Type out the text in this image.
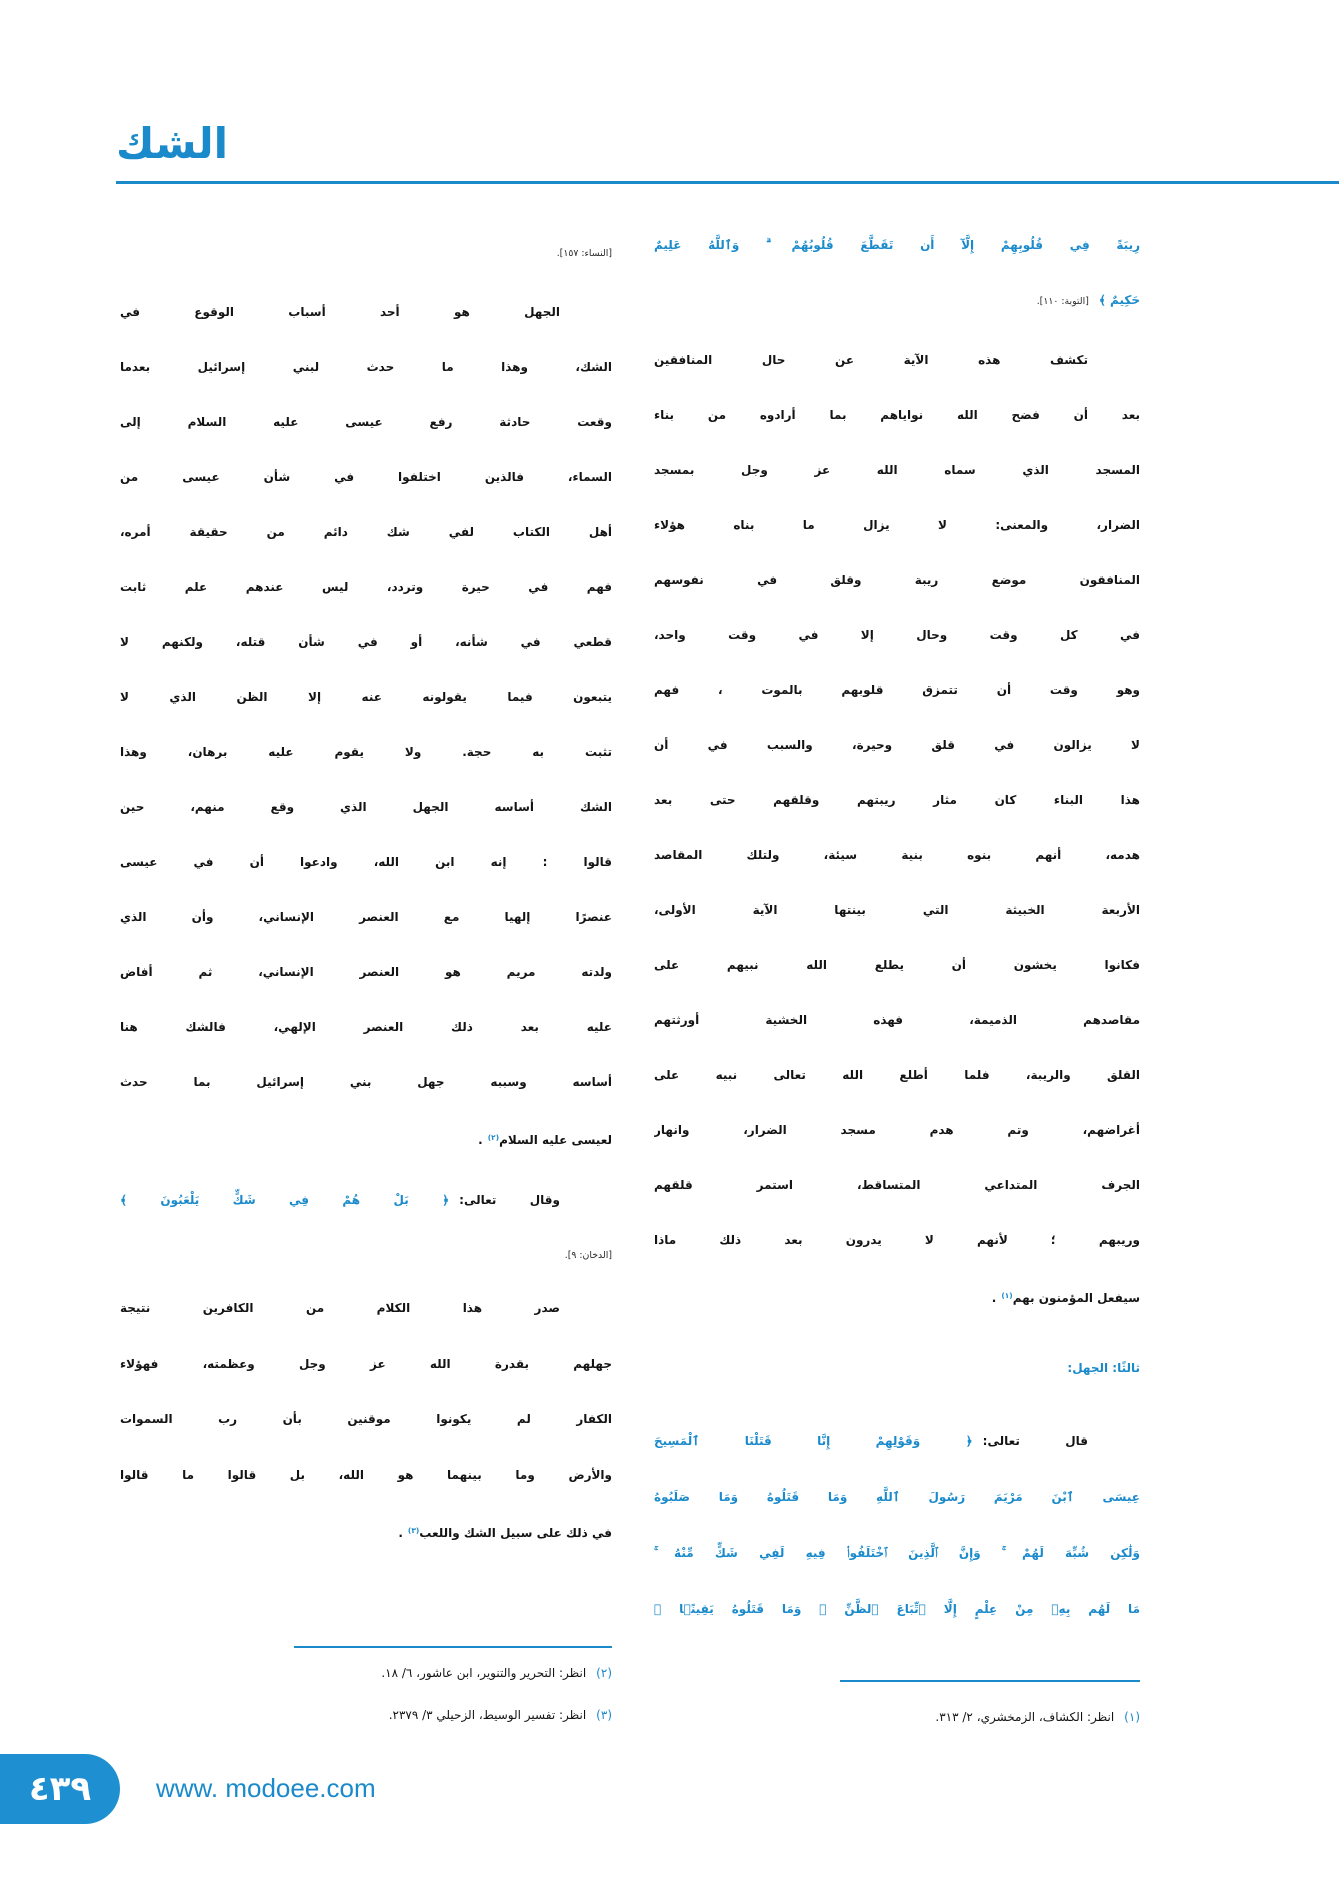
الشك
رِيبَةً فِي قُلُوبِهِمْ إِلَّآ أَن تَقَطَّعَ قُلُوبُهُمْ ۗ وَٱللَّهُ عَلِيمٌ
حَكِيمٌ ﴾[التوبة: ١١٠].
تكشف هذه الآية عن حال المنافقين
بعد أن فضح الله نواياهم بما أرادوه من بناء
المسجد الذي سماه الله عز وجل بمسجد
الضرار، والمعنى: لا يزال ما بناه هؤلاء
المنافقون موضع ريبة وقلق في نفوسهم
في كل وقت وحال إلا في وقت واحد،
وهو وقت أن تتمزق قلوبهم بالموت ، فهم
لا يزالون في قلق وحيرة، والسبب في أن
هذا البناء كان مثار ريبتهم وقلقهم حتى بعد
هدمه، أنهم بنوه بنية سيئة، ولتلك المقاصد
الأربعة الخبيثة التي بينتها الآية الأولى،
فكانوا يخشون أن يطلع الله نبيهم على
مقاصدهم الذميمة، فهذه الخشية أورثتهم
القلق والريبة، فلما أطلع الله تعالى نبيه على
أغراضهم، وتم هدم مسجد الضرار، وانهار
الجرف المتداعي المتساقط، استمر قلقهم
وريبهم ؛ لأنهم لا يدرون بعد ذلك ماذا
سيفعل المؤمنون بهم$^{(١)}$.
ثالثًا: الجهل:
قال تعالى:﴿ وَقَوْلِهِمْ إِنَّا قَتَلْنَا ٱلْمَسِيحَ
عِيسَى ٱبْنَ مَرْيَمَ رَسُولَ ٱللَّهِ وَمَا قَتَلُوهُ وَمَا صَلَبُوهُ
وَلَٰكِن شُبِّهَ لَهُمْ ۚ وَإِنَّ ٱلَّذِينَ ٱخْتَلَفُوا۟ فِيهِ لَفِي شَكٍّ مِّنْهُ ۚ
مَا لَهُم بِهِۦ مِنْ عِلْمٍ إِلَّا ٱتِّبَاعَ ٱلظَّنِّ ۚ وَمَا قَتَلُوهُ يَقِينًۢا ﴾
(١)انظر: الكشاف، الزمخشري، ٢/ ٣١٣.
[النساء: ١٥٧].
الجهل هو أحد أسباب الوقوع في
الشك، وهذا ما حدث لبني إسرائيل بعدما
وقعت حادثة رفع عيسى عليه السلام إلى
السماء، فالذين اختلفوا في شأن عيسى من
أهل الكتاب لفي شك دائم من حقيقة أمره،
فهم في حيرة وتردد، ليس عندهم علم ثابت
قطعي في شأنه، أو في شأن قتله، ولكنهم لا
يتبعون فيما يقولونه عنه إلا الظن الذي لا
تثبت به حجة. ولا يقوم عليه برهان، وهذا
الشك أساسه الجهل الذي وقع منهم، حين
قالوا : إنه ابن الله، وادعوا أن في عيسى
عنصرًا إلهيا مع العنصر الإنساني، وأن الذي
ولدته مريم هو العنصر الإنساني، ثم أفاض
عليه بعد ذلك العنصر الإلهي، فالشك هنا
أساسه وسببه جهل بني إسرائيل بما حدث
لعيسى عليه السلام$^{(٢)}$.
وقال تعالى:﴿ بَلْ هُمْ فِي شَكٍّ يَلْعَبُونَ ﴾
[الدخان: ٩].
صدر هذا الكلام من الكافرين نتيجة
جهلهم بقدرة الله عز وجل وعظمته، فهؤلاء
الكفار لم يكونوا موقنين بأن رب السموات
والأرض وما بينهما هو الله، بل قالوا ما قالوا
في ذلك على سبيل الشك واللعب$^{(٣)}$.
(٢)انظر: التحرير والتنوير، ابن عاشور، ٦/ ١٨.
(٣)انظر: تفسير الوسيط، الزحيلي ٣/ ٢٣٧٩.
٤٣٩	www. modoee.com
